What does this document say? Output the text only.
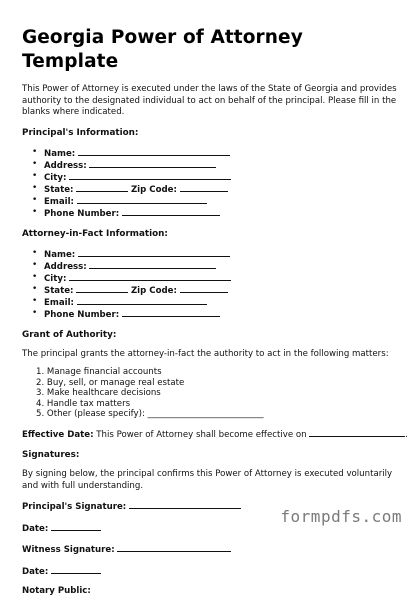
Georgia Power of Attorney Template

This Power of Attorney is executed under the laws of the State of Georgia and provides authority to the designated individual to act on behalf of the principal. Please fill in the blanks where indicated.

Principal's Information:

• Name:
• Address:
• City:
• State:	Zip Code:
• Email:
• Phone Number:

Attorney-in-Fact Information:

• Name:
• Address:
• City:
• State:	Zip Code:
• Email:
• Phone Number:

Grant of Authority:

The principal grants the attorney-in-fact the authority to act in the following matters:

1. Manage financial accounts
2. Buy, sell, or manage real estate
3. Make healthcare decisions
4. Handle tax matters
5. Other (please specify): ___________________________
Effective Date: This Power of Attorney shall become effective on	.

Signatures:

By signing below, the principal confirms this Power of Attorney is executed voluntarily and with full understanding.

Principal's Signature:
Date:
Witness Signature:
Date:
Notary Public:
formpdfs.com
